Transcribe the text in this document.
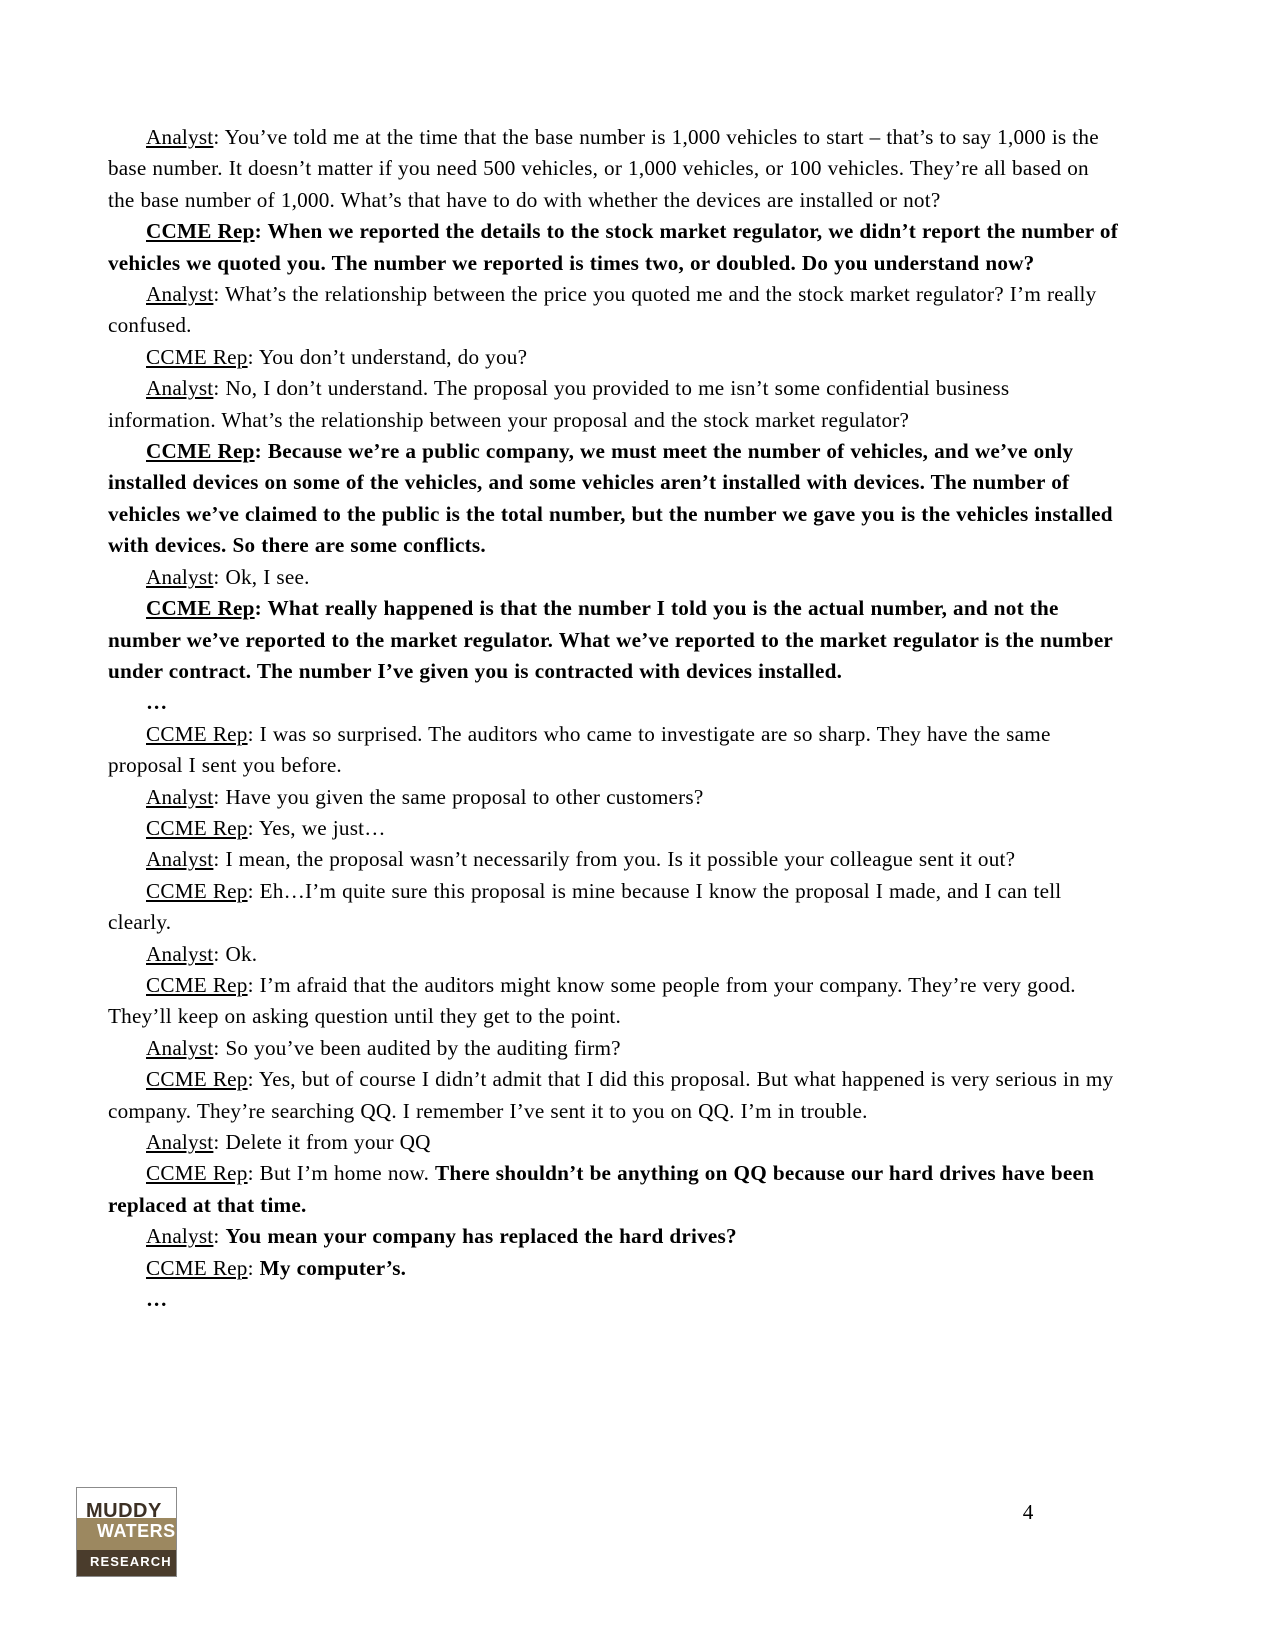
Analyst: You’ve told me at the time that the base number is 1,000 vehicles to start – that’s to say 1,000 is the base number. It doesn’t matter if you need 500 vehicles, or 1,000 vehicles, or 100 vehicles. They’re all based on the base number of 1,000. What’s that have to do with whether the devices are installed or not?

CCME Rep: When we reported the details to the stock market regulator, we didn’t report the number of vehicles we quoted you. The number we reported is times two, or doubled. Do you understand now?

Analyst: What’s the relationship between the price you quoted me and the stock market regulator? I’m really confused.

CCME Rep: You don’t understand, do you?

Analyst: No, I don’t understand. The proposal you provided to me isn’t some confidential business information. What’s the relationship between your proposal and the stock market regulator?

CCME Rep: Because we’re a public company, we must meet the number of vehicles, and we’ve only installed devices on some of the vehicles, and some vehicles aren’t installed with devices. The number of vehicles we’ve claimed to the public is the total number, but the number we gave you is the vehicles installed with devices. So there are some conflicts.

Analyst: Ok, I see.

CCME Rep: What really happened is that the number I told you is the actual number, and not the number we’ve reported to the market regulator. What we’ve reported to the market regulator is the number under contract. The number I’ve given you is contracted with devices installed.

…

CCME Rep: I was so surprised. The auditors who came to investigate are so sharp. They have the same proposal I sent you before.

Analyst: Have you given the same proposal to other customers?

CCME Rep: Yes, we just…

Analyst: I mean, the proposal wasn’t necessarily from you. Is it possible your colleague sent it out?

CCME Rep: Eh…I’m quite sure this proposal is mine because I know the proposal I made, and I can tell clearly.

Analyst: Ok.

CCME Rep: I’m afraid that the auditors might know some people from your company. They’re very good. They’ll keep on asking question until they get to the point.

Analyst: So you’ve been audited by the auditing firm?

CCME Rep: Yes, but of course I didn’t admit that I did this proposal. But what happened is very serious in my company. They’re searching QQ. I remember I’ve sent it to you on QQ. I’m in trouble.

Analyst: Delete it from your QQ

CCME Rep: But I’m home now. There shouldn’t be anything on QQ because our hard drives have been replaced at that time.

Analyst: You mean your company has replaced the hard drives?

CCME Rep: My computer’s.

…

MUDDY
WATERS
RESEARCH
4
